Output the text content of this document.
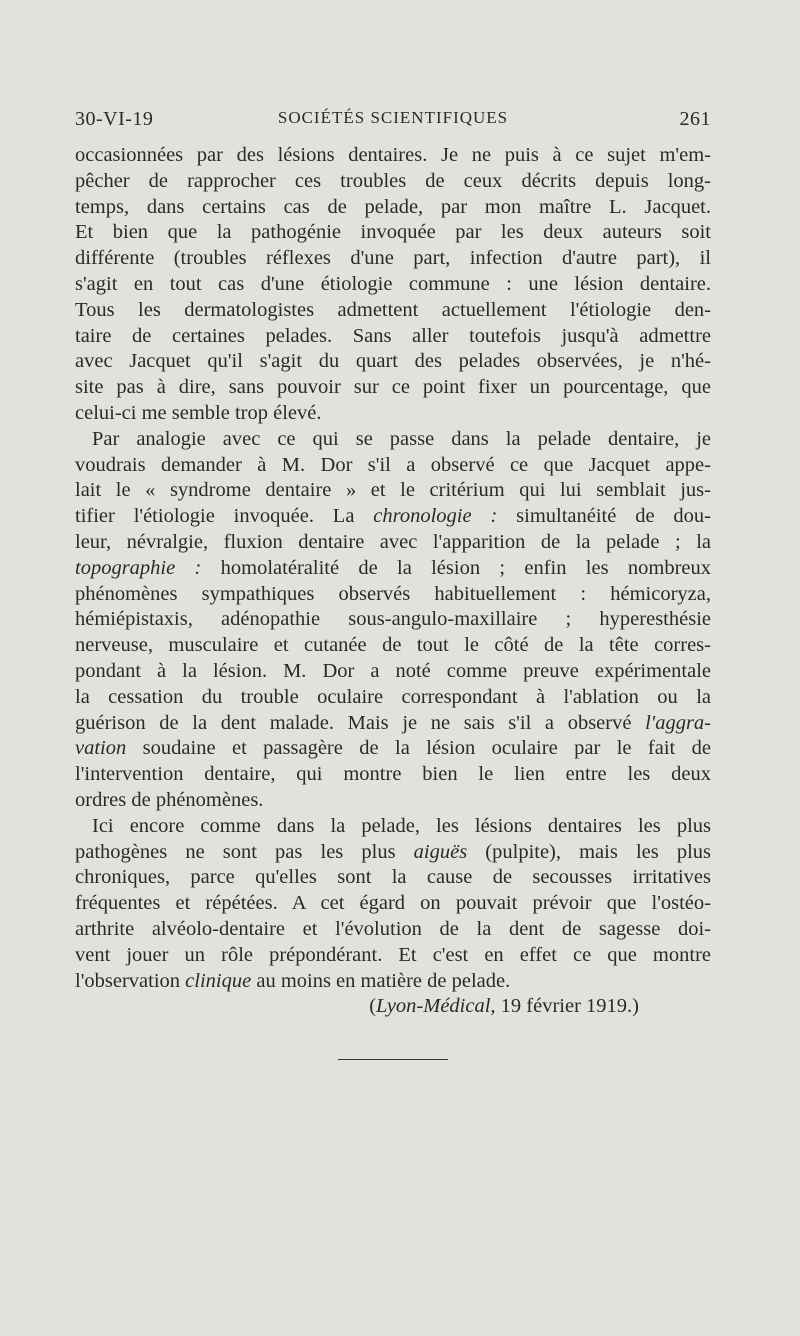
30-VI-19	SOCIÉTÉS SCIENTIFIQUES	261
occasionnées par des lésions dentaires. Je ne puis à ce sujet m'em-
pêcher de rapprocher ces troubles de ceux décrits depuis long-
temps, dans certains cas de pelade, par mon maître L. Jacquet.
Et bien que la pathogénie invoquée par les deux auteurs soit
différente (troubles réflexes d'une part, infection d'autre part), il
s'agit en tout cas d'une étiologie commune : une lésion dentaire.
Tous les dermatologistes admettent actuellement l'étiologie den-
taire de certaines pelades. Sans aller toutefois jusqu'à admettre
avec Jacquet qu'il s'agit du quart des pelades observées, je n'hé-
site pas à dire, sans pouvoir sur ce point fixer un pourcentage, que
celui-ci me semble trop élevé.
Par analogie avec ce qui se passe dans la pelade dentaire, je
voudrais demander à M. Dor s'il a observé ce que Jacquet appe-
lait le « syndrome dentaire » et le critérium qui lui semblait jus-
tifier l'étiologie invoquée. La chronologie : simultanéité de dou-
leur, névralgie, fluxion dentaire avec l'apparition de la pelade ; la
topographie : homolatéralité de la lésion ; enfin les nombreux
phénomènes sympathiques observés habituellement : hémicoryza,
hémiépistaxis, adénopathie sous-angulo-maxillaire ; hyperesthésie
nerveuse, musculaire et cutanée de tout le côté de la tête corres-
pondant à la lésion. M. Dor a noté comme preuve expérimentale
la cessation du trouble oculaire correspondant à l'ablation ou la
guérison de la dent malade. Mais je ne sais s'il a observé l'aggra-
vation soudaine et passagère de la lésion oculaire par le fait de
l'intervention dentaire, qui montre bien le lien entre les deux
ordres de phénomènes.
Ici encore comme dans la pelade, les lésions dentaires les plus
pathogènes ne sont pas les plus aiguës (pulpite), mais les plus
chroniques, parce qu'elles sont la cause de secousses irritatives
fréquentes et répétées. A cet égard on pouvait prévoir que l'ostéo-
arthrite alvéolo-dentaire et l'évolution de la dent de sagesse doi-
vent jouer un rôle prépondérant. Et c'est en effet ce que montre
l'observation clinique au moins en matière de pelade.
(Lyon-Médical, 19 février 1919.)
